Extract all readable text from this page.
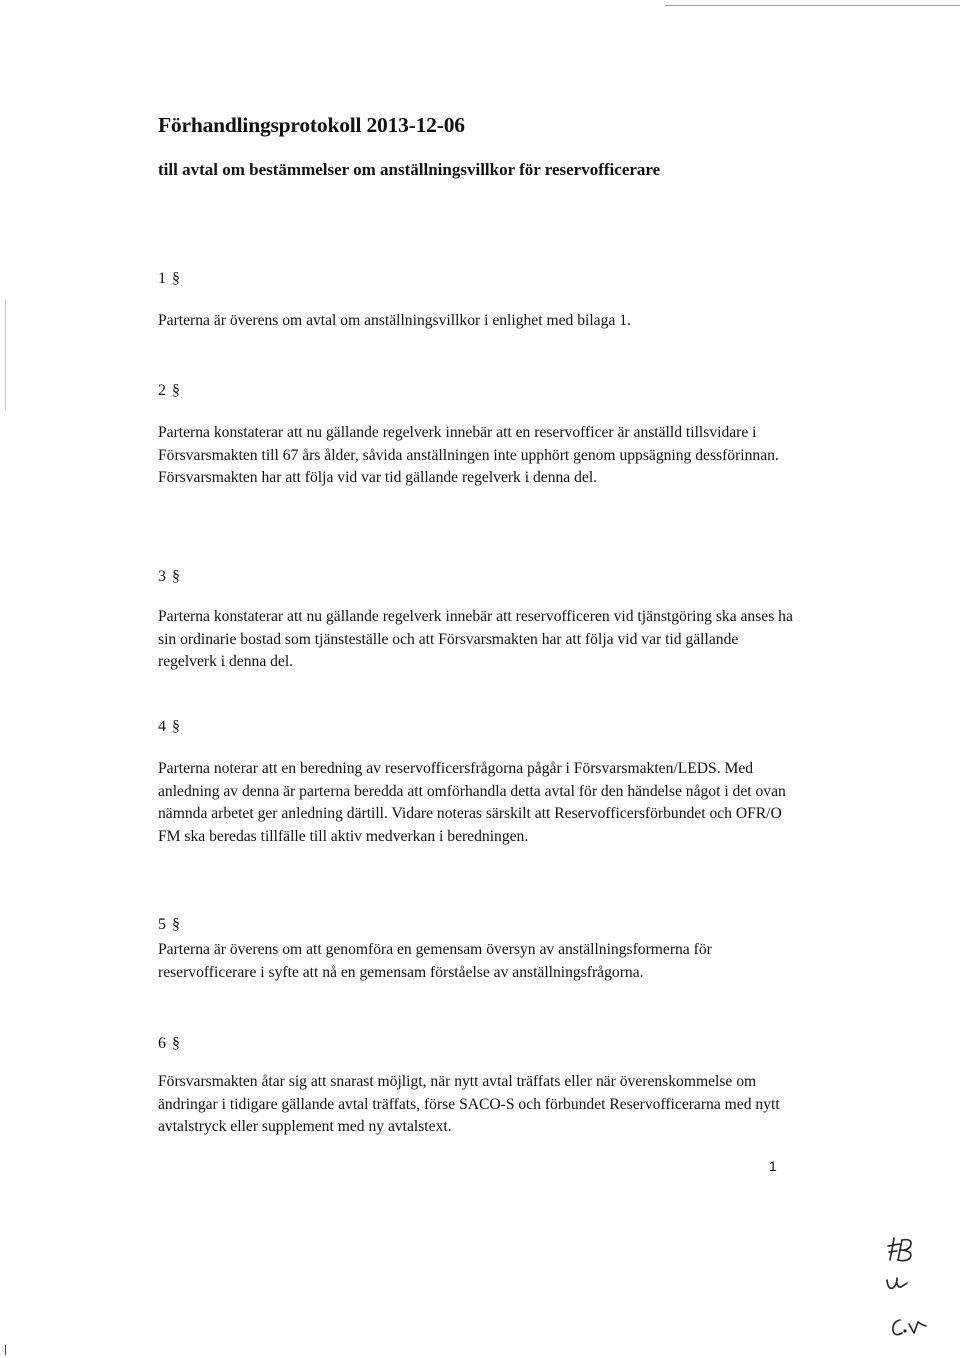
Förhandlingsprotokoll 2013-12-06
till avtal om bestämmelser om anställningsvillkor för reservofficerare
1 §

Parterna är överens om avtal om anställningsvillkor i enlighet med bilaga 1.

2 §

Parterna konstaterar att nu gällande regelverk innebär att en reservofficer är anställd tillsvidare i Försvarsmakten till 67 års ålder, såvida anställningen inte upphört genom uppsägning dessförinnan. Försvarsmakten har att följa vid var tid gällande regelverk i denna del.

3 §

Parterna konstaterar att nu gällande regelverk innebär att reservofficeren vid tjänstgöring ska anses ha sin ordinarie bostad som tjänsteställe och att Försvarsmakten har att följa vid var tid gällande regelverk i denna del.

4 §

Parterna noterar att en beredning av reservofficersfrågorna pågår i Försvarsmakten/LEDS. Med anledning av denna är parterna beredda att omförhandla detta avtal för den händelse något i det ovan nämnda arbetet ger anledning därtill. Vidare noteras särskilt att Reservofficersförbundet och OFR/O FM ska beredas tillfälle till aktiv medverkan i beredningen.

5 §

Parterna är överens om att genomföra en gemensam översyn av anställningsformerna för reservofficerare i syfte att nå en gemensam förståelse av anställningsfrågorna.

6 §

Försvarsmakten åtar sig att snarast möjligt, när nytt avtal träffats eller när överenskommelse om ändringar i tidigare gällande avtal träffats, förse SACO-S och förbundet Reservofficerarna med nytt avtalstryck eller supplement med ny avtalstext.

1
